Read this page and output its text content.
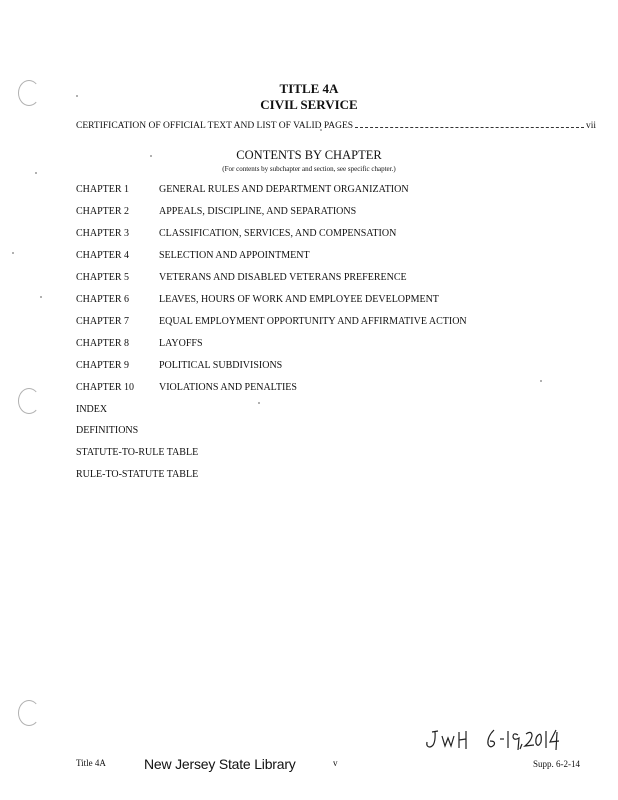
TITLE 4A
CIVIL SERVICE
CERTIFICATION OF OFFICIAL TEXT AND LIST OF VALID PAGES	vii
CONTENTS BY CHAPTER
(For contents by subchapter and section, see specific chapter.)
CHAPTER 1	GENERAL RULES AND DEPARTMENT ORGANIZATION
CHAPTER 2	APPEALS, DISCIPLINE, AND SEPARATIONS
CHAPTER 3	CLASSIFICATION, SERVICES, AND COMPENSATION
CHAPTER 4	SELECTION AND APPOINTMENT
CHAPTER 5	VETERANS AND DISABLED VETERANS PREFERENCE
CHAPTER 6	LEAVES, HOURS OF WORK AND EMPLOYEE DEVELOPMENT
CHAPTER 7	EQUAL EMPLOYMENT OPPORTUNITY AND AFFIRMATIVE ACTION
CHAPTER 8	LAYOFFS
CHAPTER 9	POLITICAL SUBDIVISIONS
CHAPTER 10 VIOLATIONS AND PENALTIES
INDEX
DEFINITIONS
STATUTE-TO-RULE TABLE
RULE-TO-STATUTE TABLE
JWH 6-19-2014
Title 4A	New Jersey State Library	v	Supp. 6-2-14
